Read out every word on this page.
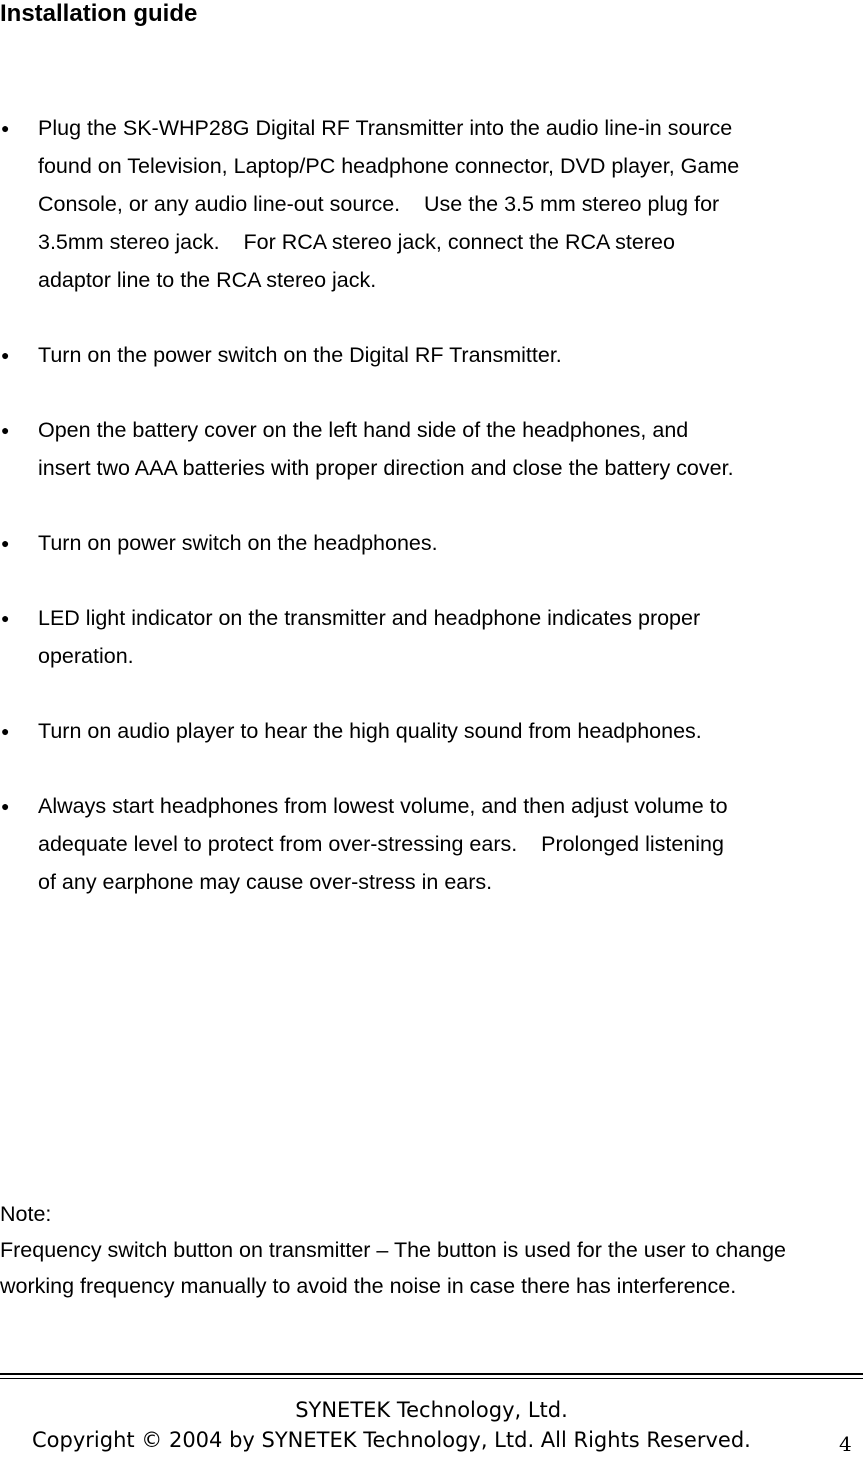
Installation guide
●	Plug the SK-WHP28G Digital RF Transmitter into the audio line-in source
found on Television, Laptop/PC headphone connector, DVD player, Game
Console, or any audio line-out source.    Use the 3.5 mm stereo plug for
3.5mm stereo jack.    For RCA stereo jack, connect the RCA stereo
adaptor line to the RCA stereo jack.
●	Turn on the power switch on the Digital RF Transmitter.
●	Open the battery cover on the left hand side of the headphones, and
insert two AAA batteries with proper direction and close the battery cover.
●	Turn on power switch on the headphones.
●	LED light indicator on the transmitter and headphone indicates proper
operation.
●	Turn on audio player to hear the high quality sound from headphones.
●	Always start headphones from lowest volume, and then adjust volume to
adequate level to protect from over-stressing ears.    Prolonged listening
of any earphone may cause over-stress in ears.
Note:
Frequency switch button on transmitter – The button is used for the user to change working frequency manually to avoid the noise in case there has interference.
SYNETEK Technology, Ltd.
Copyright © 2004 by SYNETEK Technology, Ltd. All Rights Reserved.	4
